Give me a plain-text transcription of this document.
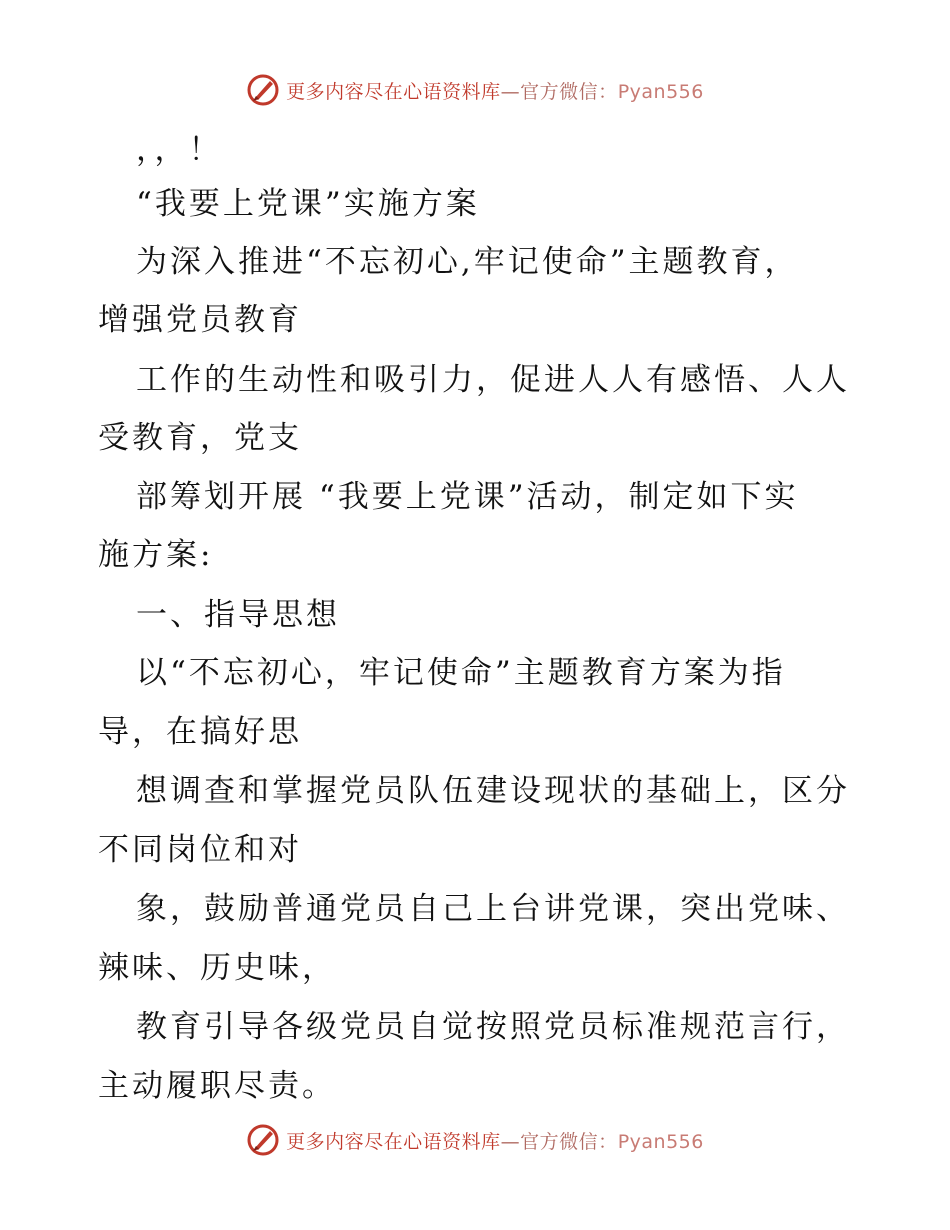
更多内容尽在心语资料库—官方微信：Pyan556
，，！
“我要上党课”实施方案
为深入推进“不忘初心,牢记使命”主题教育，
增强党员教育
工作的生动性和吸引力，促进人人有感悟、人人
受教育，党支
部筹划开展 “我要上党课”活动，制定如下实
施方案:
一、指导思想
以“不忘初心，牢记使命”主题教育方案为指
导，在搞好思
想调查和掌握党员队伍建设现状的基础上，区分
不同岗位和对
象，鼓励普通党员自己上台讲党课，突出党味、
辣味、历史味，
教育引导各级党员自觉按照党员标准规范言行，
主动履职尽责。
更多内容尽在心语资料库—官方微信：Pyan556
